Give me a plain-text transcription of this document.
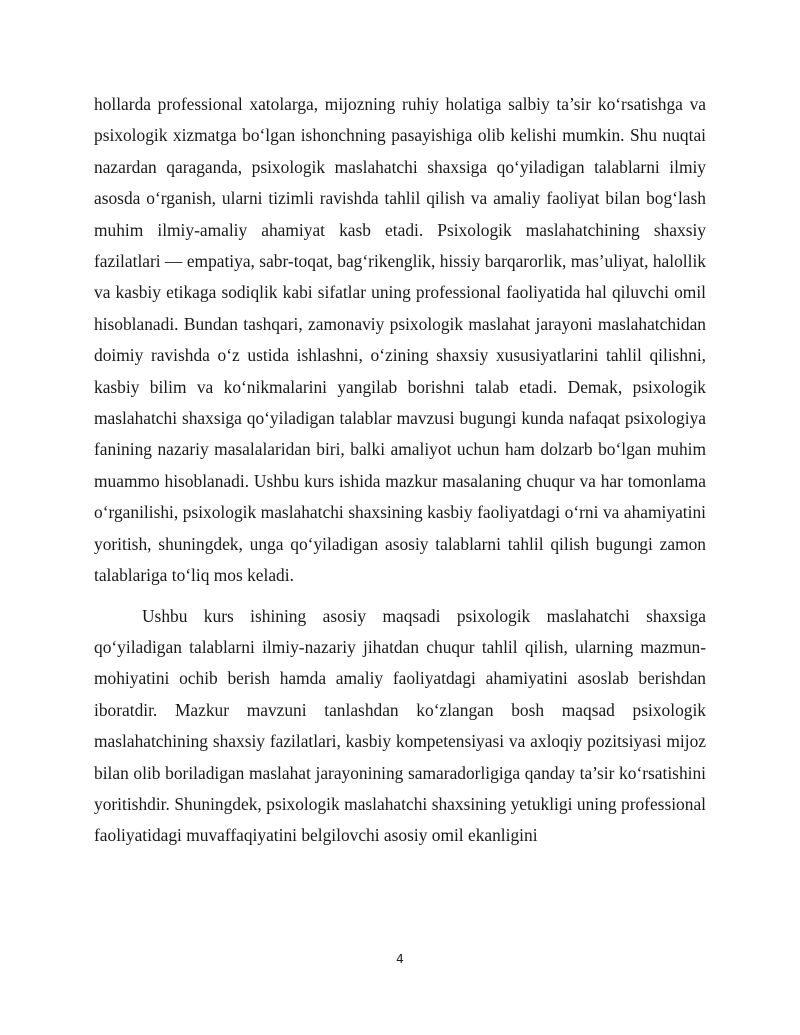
hollarda professional xatolarga, mijozning ruhiy holatiga salbiy ta’sir ko‘rsatishga va psixologik xizmatga bo‘lgan ishonchning pasayishiga olib kelishi mumkin. Shu nuqtai nazardan qaraganda, psixologik maslahatchi shaxsiga qo‘yiladigan talablarni ilmiy asosda o‘rganish, ularni tizimli ravishda tahlil qilish va amaliy faoliyat bilan bog‘lash muhim ilmiy-amaliy ahamiyat kasb etadi. Psixologik maslahatchining shaxsiy fazilatlari — empatiya, sabr-toqat, bag‘rikenglik, hissiy barqarorlik, mas’uliyat, halollik va kasbiy etikaga sodiqlik kabi sifatlar uning professional faoliyatida hal qiluvchi omil hisoblanadi. Bundan tashqari, zamonaviy psixologik maslahat jarayoni maslahatchidan doimiy ravishda o‘z ustida ishlashni, o‘zining shaxsiy xususiyatlarini tahlil qilishni, kasbiy bilim va ko‘nikmalarini yangilab borishni talab etadi. Demak, psixologik maslahatchi shaxsiga qo‘yiladigan talablar mavzusi bugungi kunda nafaqat psixologiya fanining nazariy masalalaridan biri, balki amaliyot uchun ham dolzarb bo‘lgan muhim muammo hisoblanadi. Ushbu kurs ishida mazkur masalaning chuqur va har tomonlama o‘rganilishi, psixologik maslahatchi shaxsining kasbiy faoliyatdagi o‘rni va ahamiyatini yoritish, shuningdek, unga qo‘yiladigan asosiy talablarni tahlil qilish bugungi zamon talablariga to‘liq mos keladi.

Ushbu kurs ishining asosiy maqsadi psixologik maslahatchi shaxsiga qo‘yiladigan talablarni ilmiy-nazariy jihatdan chuqur tahlil qilish, ularning mazmun-mohiyatini ochib berish hamda amaliy faoliyatdagi ahamiyatini asoslab berishdan iboratdir. Mazkur mavzuni tanlashdan ko‘zlangan bosh maqsad psixologik maslahatchining shaxsiy fazilatlari, kasbiy kompetensiyasi va axloqiy pozitsiyasi mijoz bilan olib boriladigan maslahat jarayonining samaradorligiga qanday ta’sir ko‘rsatishini yoritishdir. Shuningdek, psixologik maslahatchi shaxsining yetukligi uning professional faoliyatidagi muvaffaqiyatini belgilovchi asosiy omil ekanligini

4
